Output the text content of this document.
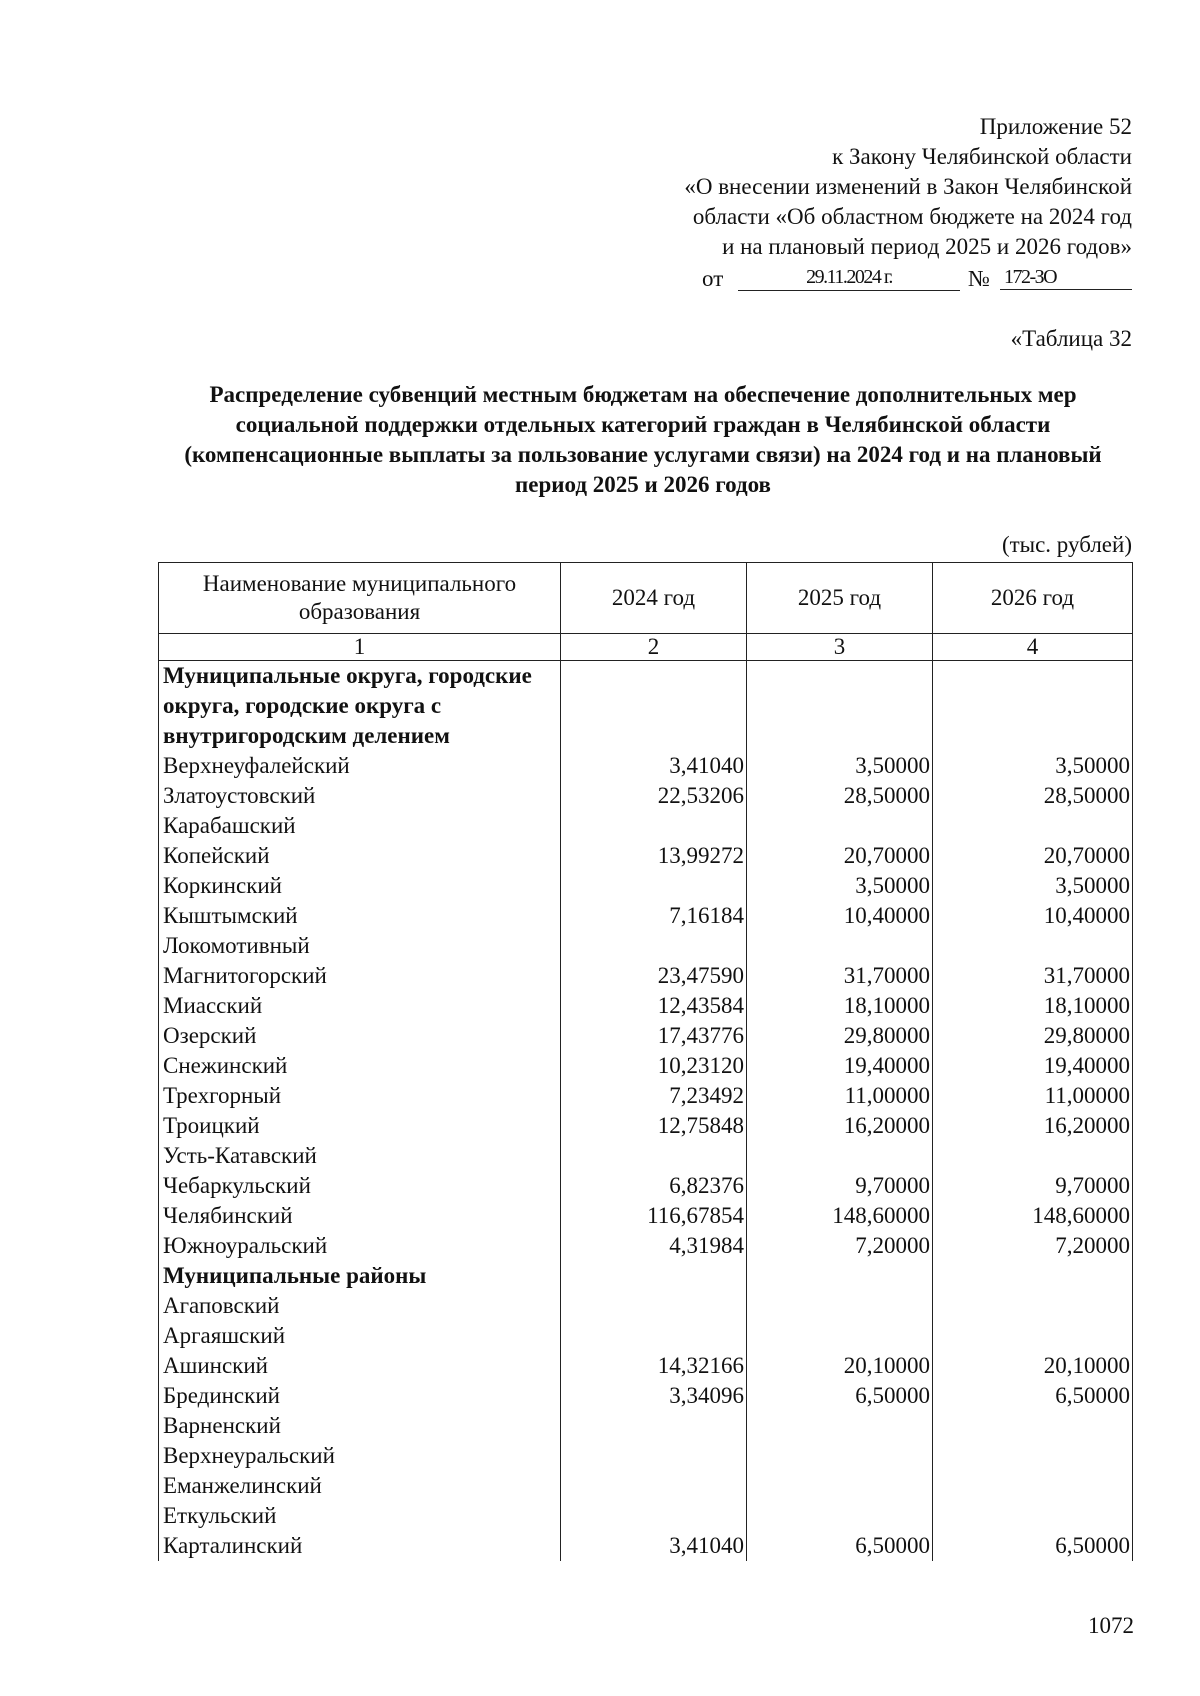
Приложение 52
к Закону Челябинской области
«О внесении изменений в Закон Челябинской
области «Об областном бюджете на 2024 год
и на плановый период 2025 и 2026 годов»
от	29.11.2024 г.	№ 172-ЗО
«Таблица 32
Распределение субвенций местным бюджетам на обеспечение дополнительных мер социальной поддержки отдельных категорий граждан в Челябинской области (компенсационные выплаты за пользование услугами связи) на 2024 год и на плановый период 2025 и 2026 годов
(тыс. рублей)
Наименование муниципального образования	2024 год	2025 год	2026 год
1	2	3	4
Муниципальные округа, городские округа, городские округа с внутригородским делением			
Верхнеуфалейский	3,41040	3,50000	3,50000
Златоустовский	22,53206	28,50000	28,50000
Карабашский			
Копейский	13,99272	20,70000	20,70000
Коркинский		3,50000	3,50000
Кыштымский	7,16184	10,40000	10,40000
Локомотивный			
Магнитогорский	23,47590	31,70000	31,70000
Миасский	12,43584	18,10000	18,10000
Озерский	17,43776	29,80000	29,80000
Снежинский	10,23120	19,40000	19,40000
Трехгорный	7,23492	11,00000	11,00000
Троицкий	12,75848	16,20000	16,20000
Усть-Катавский			
Чебаркульский	6,82376	9,70000	9,70000
Челябинский	116,67854	148,60000	148,60000
Южноуральский	4,31984	7,20000	7,20000
Муниципальные районы			
Агаповский			
Аргаяшский			
Ашинский	14,32166	20,10000	20,10000
Брединский	3,34096	6,50000	6,50000
Варненский			
Верхнеуральский			
Еманжелинский			
Еткульский			
Карталинский	3,41040	6,50000	6,50000
1072
